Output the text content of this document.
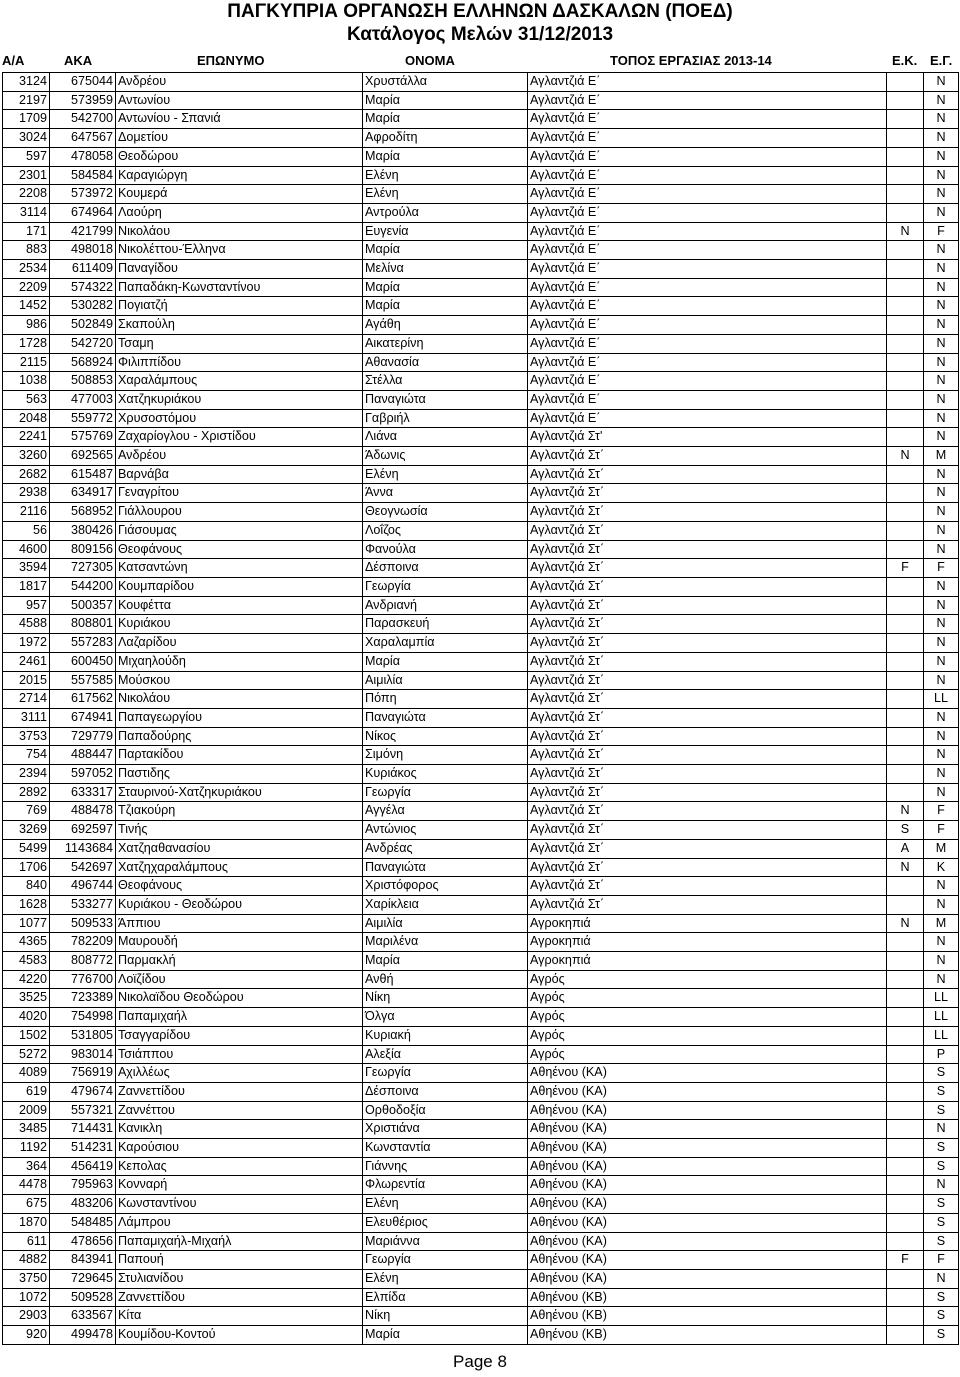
ΠΑΓΚΥΠΡΙΑ ΟΡΓΑΝΩΣΗ ΕΛΛΗΝΩΝ ΔΑΣΚΑΛΩΝ (ΠΟΕΔ)
Κατάλογος Μελών 31/12/2013
Α/Α	ΑΚΑ	ΕΠΩΝΥΜΟ	ΟΝΟΜΑ	ΤΟΠΟΣ ΕΡΓΑΣΙΑΣ 2013-14	Ε.Κ. Ε.Γ.
3124	675044	Ανδρέου	Χρυστάλλα	Αγλαντζιά Ε΄		N
2197	573959	Αντωνίου	Μαρία	Αγλαντζιά Ε΄		N
1709	542700	Αντωνίου - Σπανιά	Μαρία	Αγλαντζιά Ε΄		N
3024	647567	Δομετίου	Αφροδίτη	Αγλαντζιά Ε΄		N
597	478058	Θεοδώρου	Μαρία	Αγλαντζιά Ε΄		N
2301	584584	Καραγιώργη	Ελένη	Αγλαντζιά Ε΄		N
2208	573972	Κουμερά	Ελένη	Αγλαντζιά Ε΄		N
3114	674964	Λαούρη	Αντρούλα	Αγλαντζιά Ε΄		N
171	421799	Νικολάου	Ευγενία	Αγλαντζιά Ε΄	N	F
883	498018	Νικολέττου-Έλληνα	Μαρία	Αγλαντζιά Ε΄		N
2534	611409	Παναγίδου	Μελίνα	Αγλαντζιά Ε΄		N
2209	574322	Παπαδάκη-Κωνσταντίνου	Μαρία	Αγλαντζιά Ε΄		N
1452	530282	Πογιατζή	Μαρία	Αγλαντζιά Ε΄		N
986	502849	Σκαπούλη	Αγάθη	Αγλαντζιά Ε΄		N
1728	542720	Τσαμη	Αικατερίνη	Αγλαντζιά Ε΄		N
2115	568924	Φιλιππίδου	Αθανασία	Αγλαντζιά Ε΄		N
1038	508853	Χαραλάμπους	Στέλλα	Αγλαντζιά Ε΄		N
563	477003	Χατζηκυριάκου	Παναγιώτα	Αγλαντζιά Ε΄		N
2048	559772	Χρυσοστόμου	Γαβριήλ	Αγλαντζιά Ε΄		N
2241	575769	Ζαχαρίογλου - Χριστίδου	Λιάνα	Αγλαντζιά Στ'		N
3260	692565	Ανδρέου	Άδωνις	Αγλαντζιά Στ΄	N	M
2682	615487	Βαρνάβα	Ελένη	Αγλαντζιά Στ΄		N
2938	634917	Γεναγρίτου	Άννα	Αγλαντζιά Στ΄		N
2116	568952	Γιάλλουρου	Θεογνωσία	Αγλαντζιά Στ΄		N
56	380426	Γιάσουμας	Λοΐζος	Αγλαντζιά Στ΄		N
4600	809156	Θεοφάνους	Φανούλα	Αγλαντζιά Στ΄		N
3594	727305	Κατσαντώνη	Δέσποινα	Αγλαντζιά Στ΄	F	F
1817	544200	Κουμπαρίδου	Γεωργία	Αγλαντζιά Στ΄		N
957	500357	Κουφέττα	Ανδριανή	Αγλαντζιά Στ΄		N
4588	808801	Κυριάκου	Παρασκευή	Αγλαντζιά Στ΄		N
1972	557283	Λαζαρίδου	Χαραλαμπία	Αγλαντζιά Στ΄		N
2461	600450	Μιχαηλούδη	Μαρία	Αγλαντζιά Στ΄		N
2015	557585	Μούσκου	Αιμιλία	Αγλαντζιά Στ΄		N
2714	617562	Νικολάου	Πόπη	Αγλαντζιά Στ΄		LL
3111	674941	Παπαγεωργίου	Παναγιώτα	Αγλαντζιά Στ΄		N
3753	729779	Παπαδούρης	Νίκος	Αγλαντζιά Στ΄		N
754	488447	Παρτακίδου	Σιμόνη	Αγλαντζιά Στ΄		N
2394	597052	Παστιδης	Κυριάκος	Αγλαντζιά Στ΄		N
2892	633317	Σταυρινού-Χατζηκυριάκου	Γεωργία	Αγλαντζιά Στ΄		N
769	488478	Τζιακούρη	Αγγέλα	Αγλαντζιά Στ΄	N	F
3269	692597	Τινής	Αντώνιος	Αγλαντζιά Στ΄	S	F
5499	1143684	Χατζηαθανασίου	Ανδρέας	Αγλαντζιά Στ΄	A	M
1706	542697	Χατζηχαραλάμπους	Παναγιώτα	Αγλαντζιά Στ΄	N	K
840	496744	Θεοφάνους	Χριστόφορος	Αγλαντζιά Στ΄		N
1628	533277	Κυριάκου - Θεοδώρου	Χαρίκλεια	Αγλαντζιά Στ΄		N
1077	509533	Άππιου	Αιμιλία	Αγροκηπιά	N	M
4365	782209	Μαυρουδή	Μαριλένα	Αγροκηπιά		N
4583	808772	Παρμακλή	Μαρία	Αγροκηπιά		N
4220	776700	Λοϊζίδου	Ανθή	Αγρός		N
3525	723389	Νικολαϊδου Θεοδώρου	Νίκη	Αγρός		LL
4020	754998	Παπαμιχαήλ	Όλγα	Αγρός		LL
1502	531805	Τσαγγαρίδου	Κυριακή	Αγρός		LL
5272	983014	Τσιάππου	Αλεξία	Αγρός		P
4089	756919	Αχιλλέως	Γεωργία	Αθηένου (ΚΑ)		S
619	479674	Ζαννεττίδου	Δέσποινα	Αθηένου (ΚΑ)		S
2009	557321	Ζαννέττου	Ορθοδοξία	Αθηένου (ΚΑ)		S
3485	714431	Κανικλη	Χριστιάνα	Αθηένου (ΚΑ)		N
1192	514231	Καρούσιου	Κωνσταντία	Αθηένου (ΚΑ)		S
364	456419	Κεπολας	Γιάννης	Αθηένου (ΚΑ)		S
4478	795963	Κονναρή	Φλωρεντία	Αθηένου (ΚΑ)		N
675	483206	Κωνσταντίνου	Ελένη	Αθηένου (ΚΑ)		S
1870	548485	Λάμπρου	Ελευθέριος	Αθηένου (ΚΑ)		S
611	478656	Παπαμιχαήλ-Μιχαήλ	Μαριάννα	Αθηένου (ΚΑ)		S
4882	843941	Παπουή	Γεωργία	Αθηένου (ΚΑ)	F	F
3750	729645	Στυλιανίδου	Ελένη	Αθηένου (ΚΑ)		N
1072	509528	Ζαννεττίδου	Ελπίδα	Αθηένου (ΚΒ)		S
2903	633567	Κίτα	Νίκη	Αθηένου (ΚΒ)		S
920	499478	Κουμίδου-Κοντού	Μαρία	Αθηένου (ΚΒ)		S
Page 8
